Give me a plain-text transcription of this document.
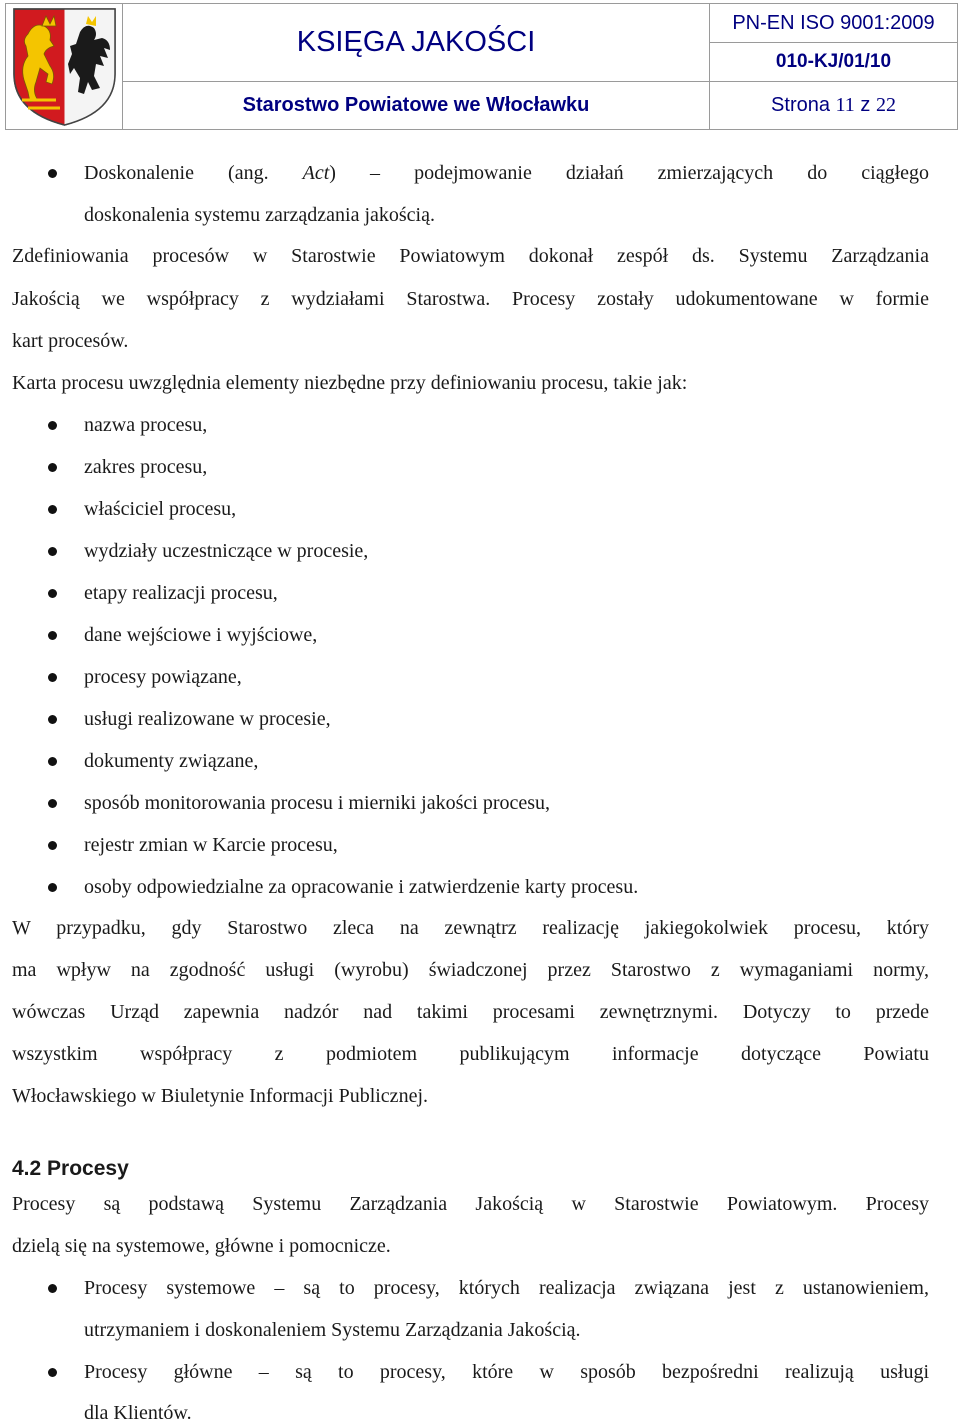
KSIĘGA JAKOŚCI
PN-EN ISO 9001:2009
010-KJ/01/10
Starostwo Powiatowe we Włocławku	Strona 11 z 22
Doskonalenie (ang. Act) – podejmowanie działań zmierzających do ciągłego
doskonalenia systemu zarządzania jakością.
Zdefiniowania procesów w Starostwie Powiatowym dokonał zespół ds. Systemu Zarządzania
Jakością we współpracy z wydziałami Starostwa. Procesy zostały udokumentowane w formie
kart procesów.
Karta procesu uwzględnia elementy niezbędne przy definiowaniu procesu, takie jak:
nazwa procesu,
zakres procesu,
właściciel procesu,
wydziały uczestniczące w procesie,
etapy realizacji procesu,
dane wejściowe i wyjściowe,
procesy powiązane,
usługi realizowane w procesie,
dokumenty związane,
sposób monitorowania procesu i mierniki jakości procesu,
rejestr zmian w Karcie procesu,
osoby odpowiedzialne za opracowanie i zatwierdzenie karty procesu.
W przypadku, gdy Starostwo zleca na zewnątrz realizację jakiegokolwiek procesu, który
ma wpływ na zgodność usługi (wyrobu) świadczonej przez Starostwo z wymaganiami normy,
wówczas Urząd zapewnia nadzór nad takimi procesami zewnętrznymi. Dotyczy to przede
wszystkim współpracy z podmiotem publikującym informacje dotyczące Powiatu
Włocławskiego w Biuletynie Informacji Publicznej.
4.2 Procesy
Procesy są podstawą Systemu Zarządzania Jakością w Starostwie Powiatowym. Procesy
dzielą się na systemowe, główne i pomocnicze.
Procesy systemowe – są to procesy, których realizacja związana jest z ustanowieniem,
utrzymaniem i doskonaleniem Systemu Zarządzania Jakością.
Procesy główne – są to procesy, które w sposób bezpośredni realizują usługi
dla Klientów.
